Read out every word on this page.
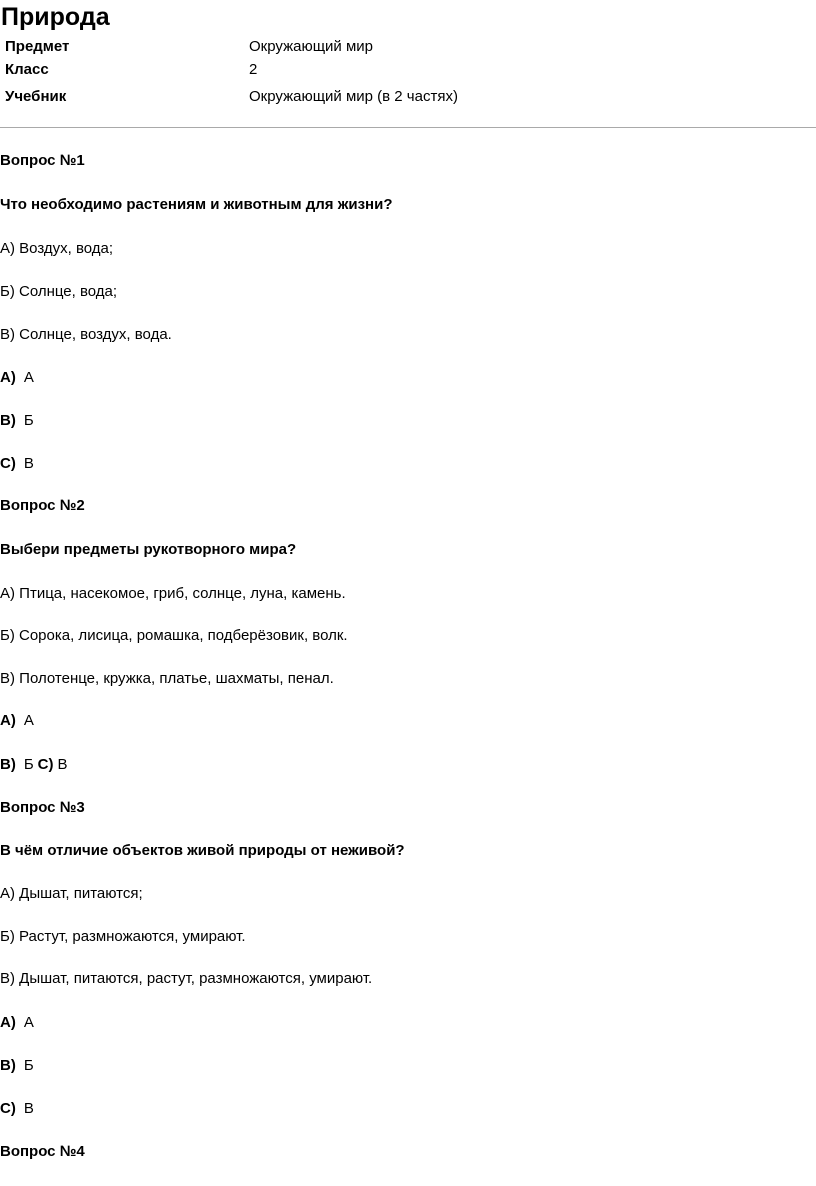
Природа
Предмет	Окружающий мир
Класс	2
Учебник	Окружающий мир (в 2 частях)
Вопрос №1
Что необходимо растениям и животным для жизни?
А) Воздух, вода;
Б) Солнце, вода;
В) Солнце, воздух, вода.
A) А
B) Б
C) В
Вопрос №2
Выбери предметы рукотворного мира?
А) Птица, насекомое, гриб, солнце, луна, камень.
Б) Сорока, лисица, ромашка, подберёзовик, волк.
В) Полотенце, кружка, платье, шахматы, пенал.
A) А
B) Б C) В
Вопрос №3
В чём отличие объектов живой природы от неживой?
А) Дышат, питаются;
Б) Растут, размножаются, умирают.
В) Дышат, питаются, растут, размножаются, умирают.
A) А
B) Б
C) В
Вопрос №4
